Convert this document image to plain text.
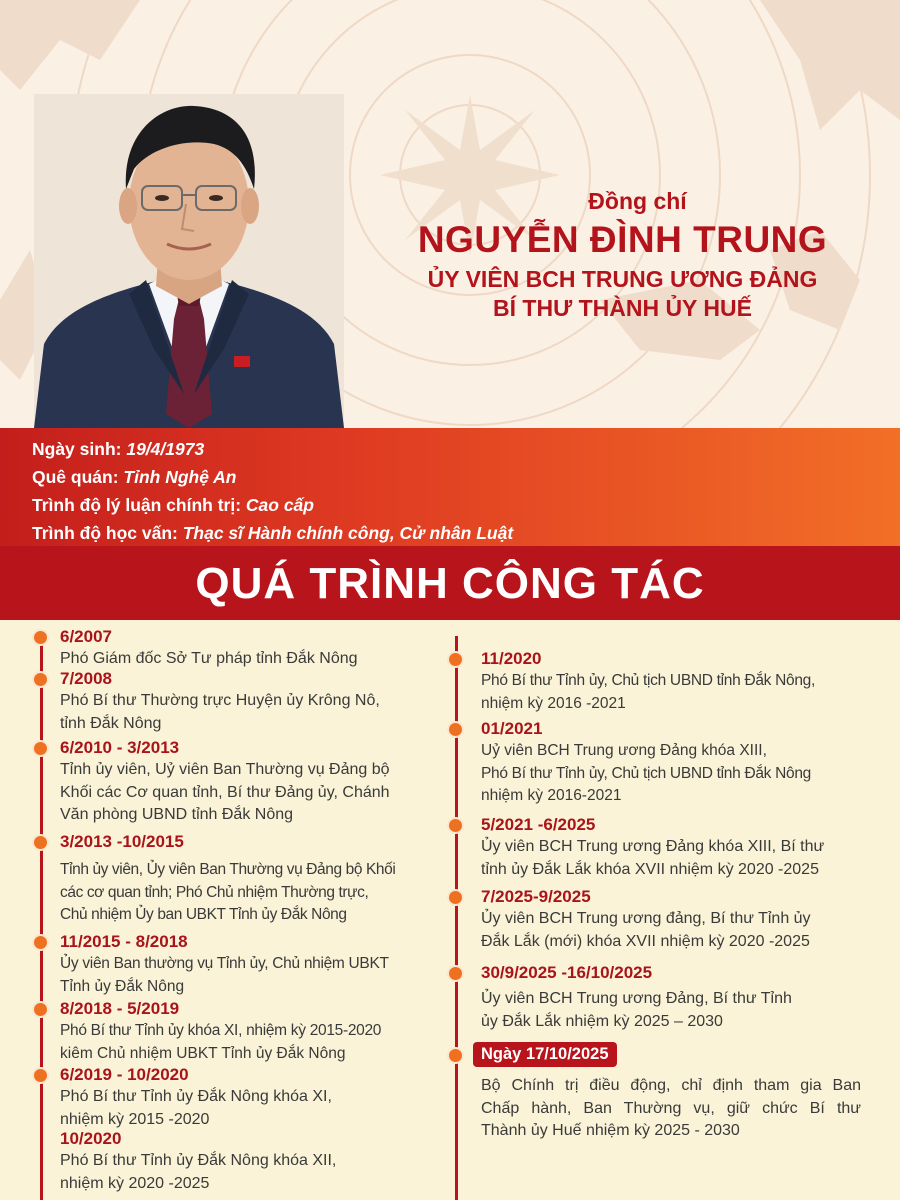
Đồng chí
NGUYỄN ĐÌNH TRUNG
ỦY VIÊN BCH TRUNG ƯƠNG ĐẢNG
BÍ THƯ THÀNH ỦY HUẾ
Ngày sinh: 19/4/1973
Quê quán: Tỉnh Nghệ An
Trình độ lý luận chính trị: Cao cấp
Trình độ học vấn: Thạc sĩ Hành chính công, Cử nhân Luật
QUÁ TRÌNH CÔNG TÁC
6/2007
Phó Giám đốc Sở Tư pháp tỉnh Đắk Nông
7/2008
Phó Bí thư Thường trực Huyện ủy Krông Nô,
tỉnh Đắk Nông
6/2010 - 3/2013
Tỉnh ủy viên, Uỷ viên Ban Thường vụ Đảng bộ
Khối các Cơ quan tỉnh, Bí thư Đảng ủy, Chánh
Văn phòng UBND tỉnh Đắk Nông
3/2013 -10/2015
Tỉnh ủy viên, Ủy viên Ban Thường vụ Đảng bộ Khối
các cơ quan tỉnh; Phó Chủ nhiệm Thường trực,
Chủ nhiệm Ủy ban UBKT Tỉnh ủy Đắk Nông
11/2015 - 8/2018
Ủy viên Ban thường vụ Tỉnh ủy, Chủ nhiệm UBKT
Tỉnh ủy Đắk Nông
8/2018 - 5/2019
Phó Bí thư Tỉnh ủy khóa XI, nhiệm kỳ 2015-2020
kiêm Chủ nhiệm UBKT Tỉnh ủy Đắk Nông
6/2019 - 10/2020
Phó Bí thư Tỉnh ủy Đắk Nông khóa XI,
nhiệm kỳ 2015 -2020
10/2020
Phó Bí thư Tỉnh ủy Đắk Nông khóa XII,
nhiệm kỳ 2020 -2025
11/2020
Phó Bí thư Tỉnh ủy, Chủ tịch UBND tỉnh Đắk Nông,
nhiệm kỳ 2016 -2021
01/2021
Uỷ viên BCH Trung ương Đảng khóa XIII,
Phó Bí thư Tỉnh ủy, Chủ tịch UBND tỉnh Đắk Nông
nhiệm kỳ 2016-2021
5/2021 -6/2025
Ủy viên BCH Trung ương Đảng khóa XIII, Bí thư
tỉnh ủy Đắk Lắk khóa XVII nhiệm kỳ 2020 -2025
7/2025-9/2025
Ủy viên BCH Trung ương đảng, Bí thư Tỉnh ủy
Đắk Lắk (mới) khóa XVII nhiệm kỳ 2020 -2025
30/9/2025 -16/10/2025
Ủy viên BCH Trung ương Đảng, Bí thư Tỉnh
ủy Đắk Lắk nhiệm kỳ 2025 – 2030
Ngày 17/10/2025
Bộ Chính trị điều động, chỉ định tham gia Ban
Chấp hành, Ban Thường vụ, giữ chức Bí thư
Thành ủy Huế nhiệm kỳ 2025 - 2030
